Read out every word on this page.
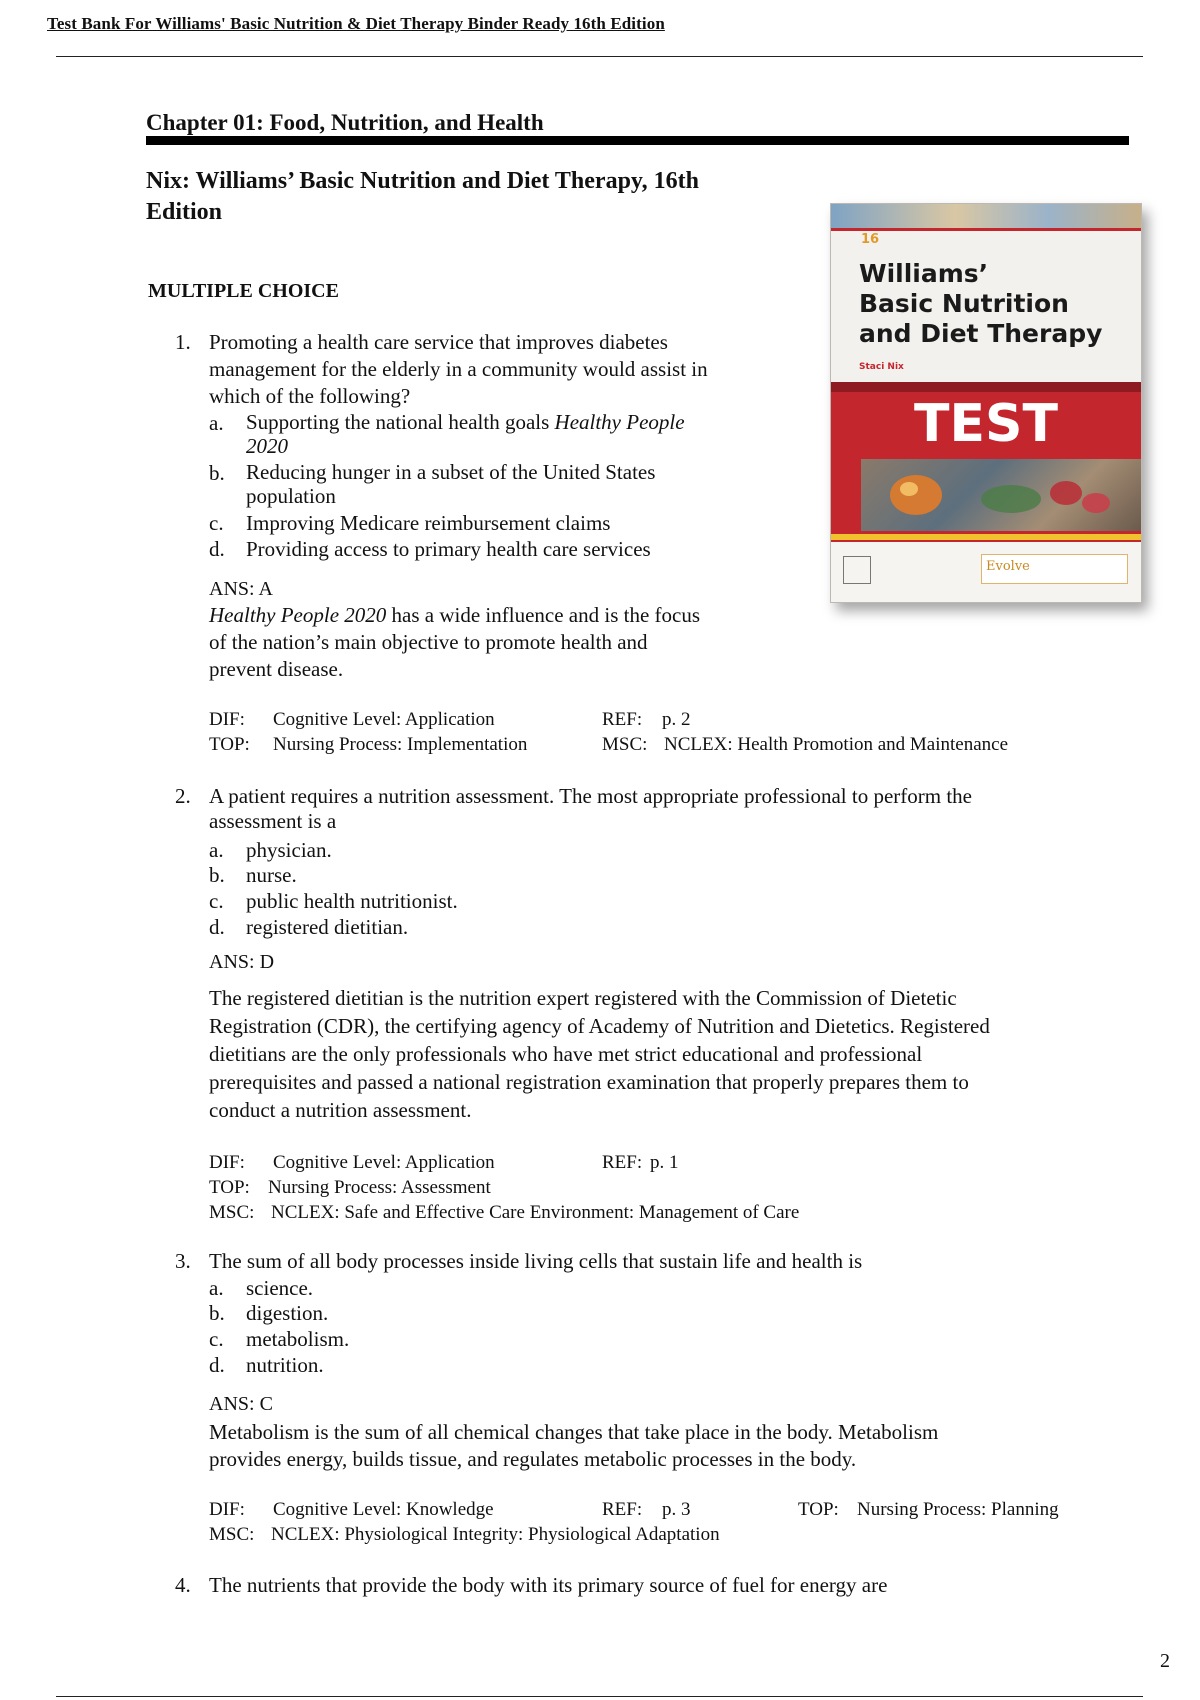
Test Bank For Williams' Basic Nutrition & Diet Therapy Binder Ready 16th Edition
Chapter 01: Food, Nutrition, and Health
Nix: Williams’ Basic Nutrition and Diet Therapy, 16th
Edition
16
Williams’
Basic Nutrition
and Diet Therapy
Staci Nix
TEST
Evolve
MULTIPLE CHOICE
1. Promoting a health care service that improves diabetes
management for the elderly in a community would assist in
which of the following?
a.	Supporting the national health goals Healthy People
2020
b.	Reducing hunger in a subset of the United States
population
c.	Improving Medicare reimbursement claims
d.	Providing access to primary health care services
ANS: A
Healthy People 2020 has a wide influence and is the focus
of the nation’s main objective to promote health and
prevent disease.
DIF: Cognitive Level: Application	REF: p. 2
TOP: Nursing Process: Implementation	MSC: NCLEX: Health Promotion and Maintenance
2. A patient requires a nutrition assessment. The most appropriate professional to perform the
assessment is a
a.	physician.
b.	nurse.
c.	public health nutritionist.
d.	registered dietitian.
ANS: D
The registered dietitian is the nutrition expert registered with the Commission of Dietetic
Registration (CDR), the certifying agency of Academy of Nutrition and Dietetics. Registered
dietitians are the only professionals who have met strict educational and professional
prerequisites and passed a national registration examination that properly prepares them to
conduct a nutrition assessment.
DIF: Cognitive Level: Application	REF: p. 1
TOP: Nursing Process: Assessment
MSC: NCLEX: Safe and Effective Care Environment: Management of Care
3. The sum of all body processes inside living cells that sustain life and health is
a.	science.
b.	digestion.
c.	metabolism.
d.	nutrition.
ANS: C
Metabolism is the sum of all chemical changes that take place in the body. Metabolism
provides energy, builds tissue, and regulates metabolic processes in the body.
DIF: Cognitive Level: Knowledge	REF: p. 3	TOP: Nursing Process: Planning
MSC: NCLEX: Physiological Integrity: Physiological Adaptation
4. The nutrients that provide the body with its primary source of fuel for energy are
2
